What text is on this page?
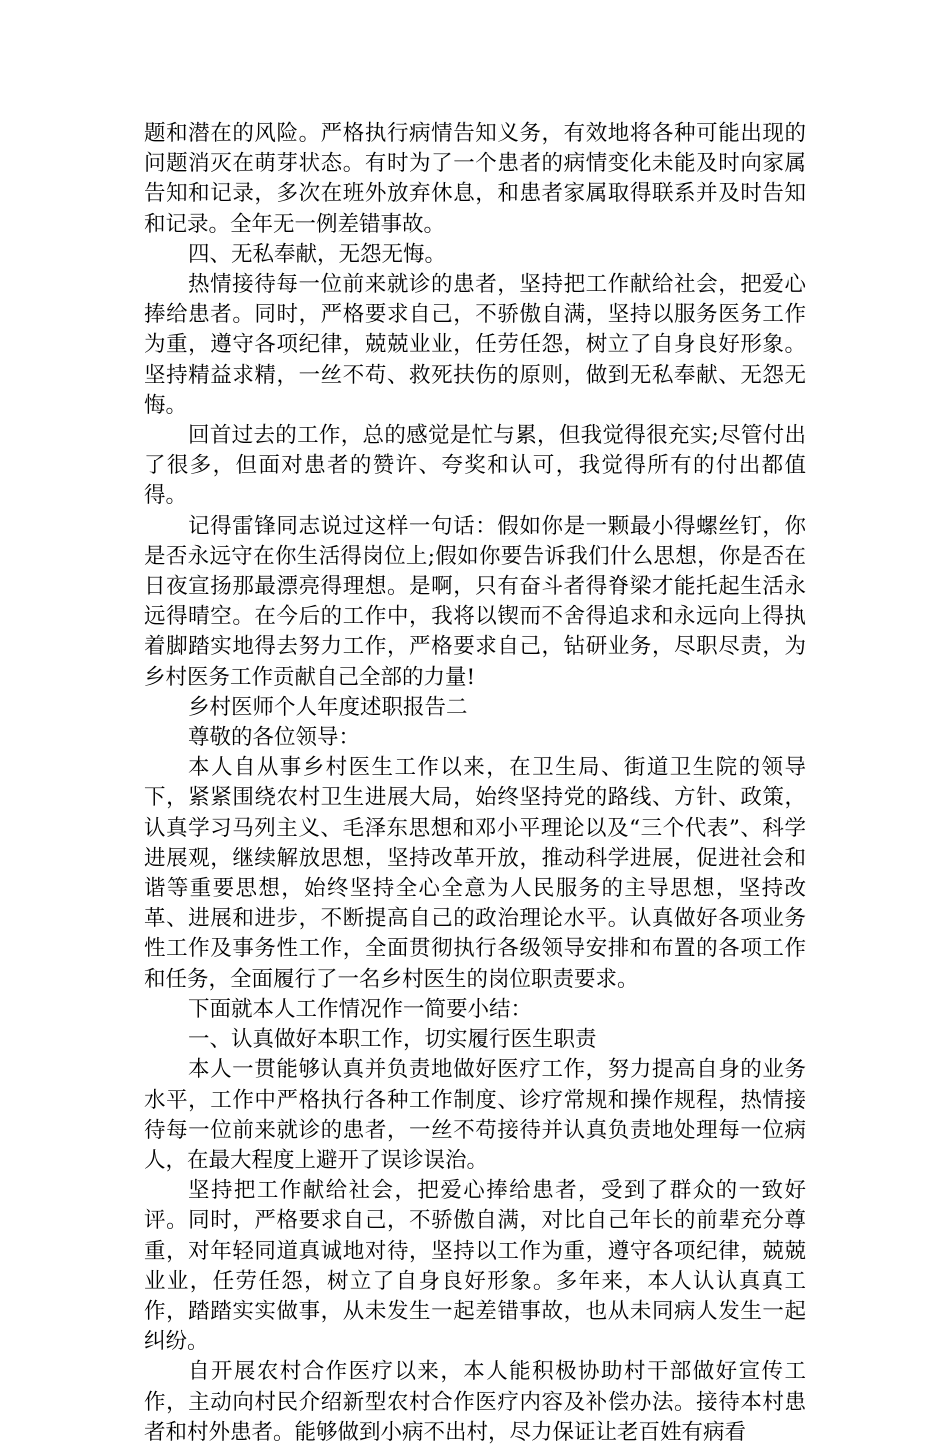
题和潜在的风险。严格执行病情告知义务，有效地将各种可能出现的问题消灭在萌芽状态。有时为了一个患者的病情变化未能及时向家属告知和记录，多次在班外放弃休息，和患者家属取得联系并及时告知和记录。全年无一例差错事故。

四、无私奉献，无怨无悔。

热情接待每一位前来就诊的患者，坚持把工作献给社会，把爱心捧给患者。同时，严格要求自己，不骄傲自满，坚持以服务医务工作为重，遵守各项纪律，兢兢业业，任劳任怨，树立了自身良好形象。坚持精益求精，一丝不苟、救死扶伤的原则，做到无私奉献、无怨无悔。

回首过去的工作，总的感觉是忙与累，但我觉得很充实;尽管付出了很多，但面对患者的赞许、夸奖和认可，我觉得所有的付出都值得。

记得雷锋同志说过这样一句话：假如你是一颗最小得螺丝钉，你是否永远守在你生活得岗位上;假如你要告诉我们什么思想，你是否在日夜宣扬那最漂亮得理想。是啊，只有奋斗者得脊梁才能托起生活永远得晴空。在今后的工作中，我将以锲而不舍得追求和永远向上得执着脚踏实地得去努力工作，严格要求自己，钻研业务，尽职尽责，为乡村医务工作贡献自己全部的力量!

乡村医师个人年度述职报告二

尊敬的各位领导：

本人自从事乡村医生工作以来，在卫生局、街道卫生院的领导下，紧紧围绕农村卫生进展大局，始终坚持党的路线、方针、政策，认真学习马列主义、毛泽东思想和邓小平理论以及“三个代表”、科学进展观，继续解放思想，坚持改革开放，推动科学进展，促进社会和谐等重要思想，始终坚持全心全意为人民服务的主导思想，坚持改革、进展和进步，不断提高自己的政治理论水平。认真做好各项业务性工作及事务性工作，全面贯彻执行各级领导安排和布置的各项工作和任务，全面履行了一名乡村医生的岗位职责要求。

下面就本人工作情况作一简要小结：

一、认真做好本职工作，切实履行医生职责

本人一贯能够认真并负责地做好医疗工作，努力提高自身的业务水平，工作中严格执行各种工作制度、诊疗常规和操作规程，热情接待每一位前来就诊的患者，一丝不苟接待并认真负责地处理每一位病人，在最大程度上避开了误诊误治。

坚持把工作献给社会，把爱心捧给患者，受到了群众的一致好评。同时，严格要求自己，不骄傲自满，对比自己年长的前辈充分尊重，对年轻同道真诚地对待，坚持以工作为重，遵守各项纪律，兢兢业业，任劳任怨，树立了自身良好形象。多年来，本人认认真真工作，踏踏实实做事，从未发生一起差错事故，也从未同病人发生一起纠纷。

自开展农村合作医疗以来，本人能积极协助村干部做好宣传工作，主动向村民介绍新型农村合作医疗内容及补偿办法。接待本村患者和村外患者。能够做到小病不出村，尽力保证让老百姓有病看
